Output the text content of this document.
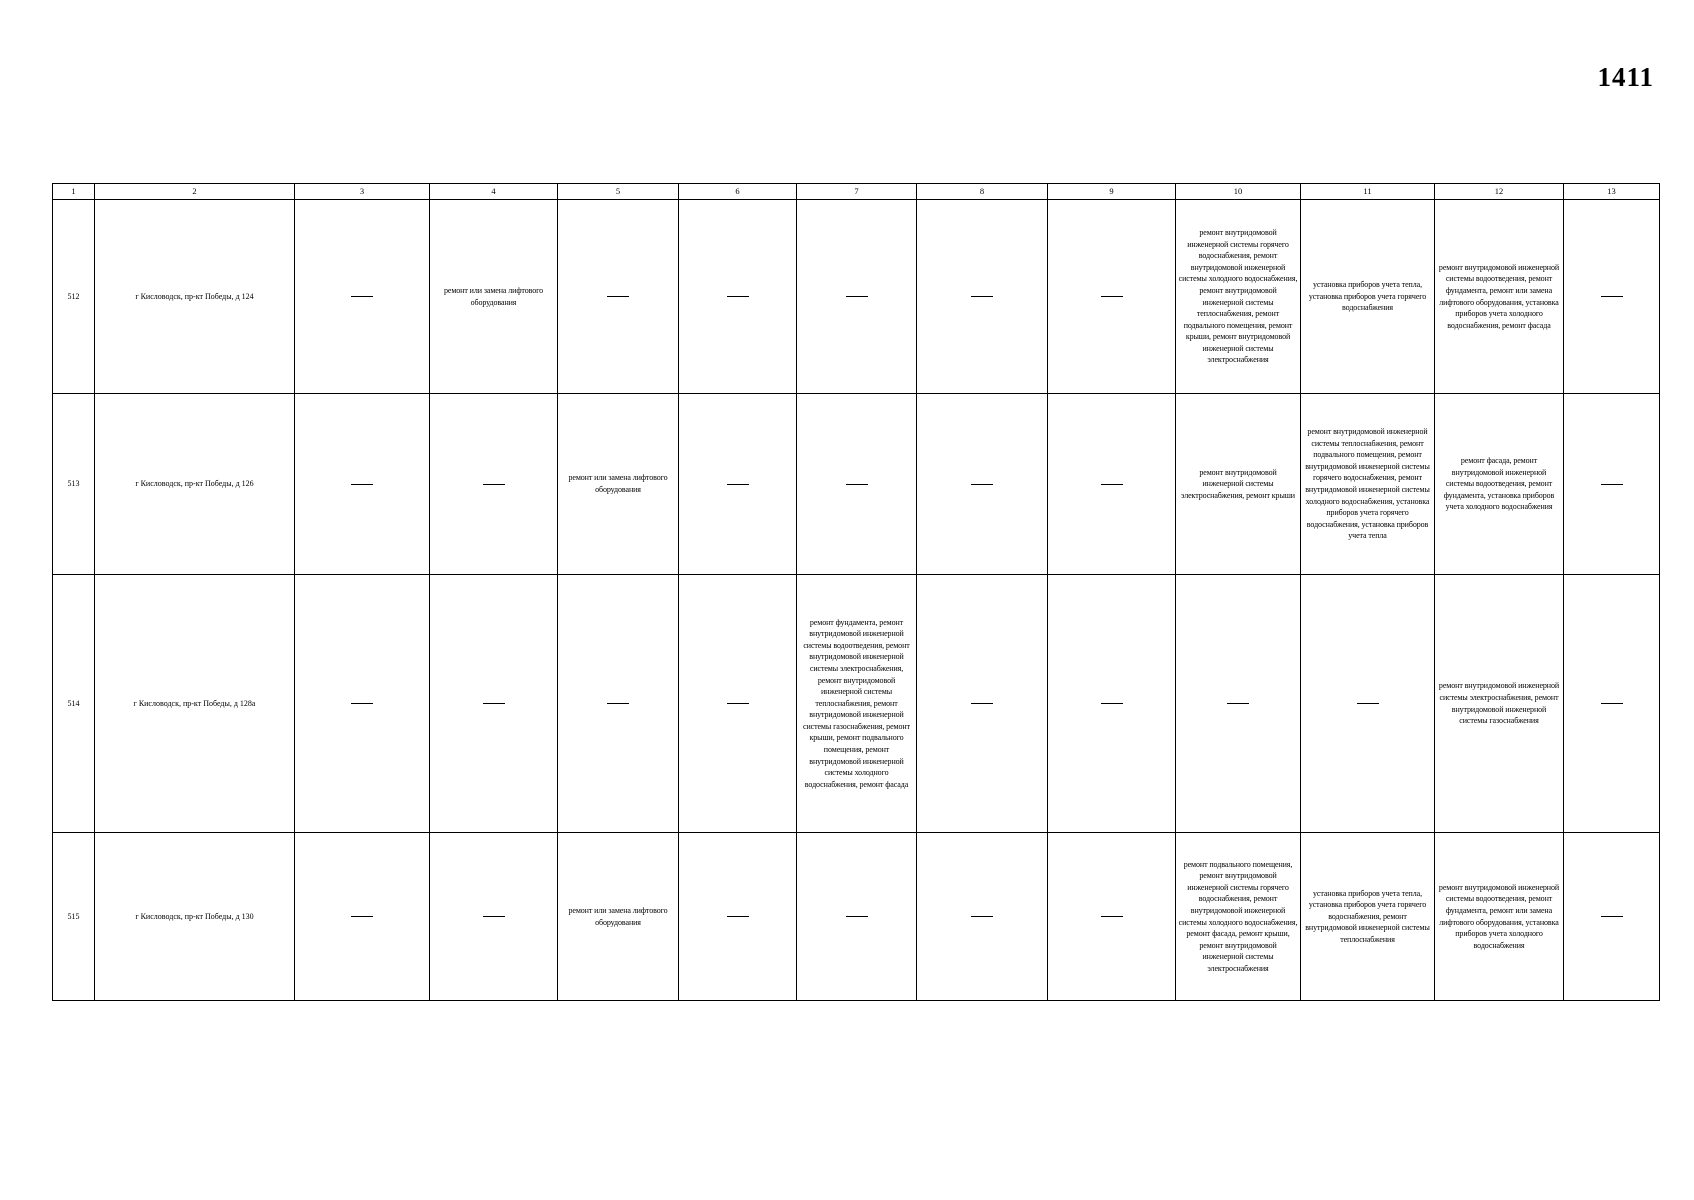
1411
1	2	3	4	5	6	7	8	9	10	11	12	13
512	г Кисловодск, пр-кт Победы, д 124		ремонт или замена лифтового оборудования						ремонт внутридомовой инженерной системы горячего водоснабжения, ремонт внутридомовой инженерной системы холодного водоснабжения, ремонт внутридомовой инженерной системы теплоснабжения, ремонт подвального помещения, ремонт крыши, ремонт внутридомовой инженерной системы электроснабжения	установка приборов учета тепла, установка приборов учета горячего водоснабжения	ремонт внутридомовой инженерной системы водоотведения, ремонт фундамента, ремонт или замена лифтового оборудования, установка приборов учета холодного водоснабжения, ремонт фасада	
513	г Кисловодск, пр-кт Победы, д 126			ремонт или замена лифтового оборудования					ремонт внутридомовой инженерной системы электроснабжения, ремонт крыши	ремонт внутридомовой инженерной системы теплоснабжения, ремонт подвального помещения, ремонт внутридомовой инженерной системы горячего водоснабжения, ремонт внутридомовой инженерной системы холодного водоснабжения, установка приборов учета горячего водоснабжения, установка приборов учета тепла	ремонт фасада, ремонт внутридомовой инженерной системы водоотведения, ремонт фундамента, установка приборов учета холодного водоснабжения	
514	г Кисловодск, пр-кт Победы, д 128а					ремонт фундамента, ремонт внутридомовой инженерной системы водоотведения, ремонт внутридомовой инженерной системы электроснабжения, ремонт внутридомовой инженерной системы теплоснабжения, ремонт внутридомовой инженерной системы газоснабжения, ремонт крыши, ремонт подвального помещения, ремонт внутридомовой инженерной системы холодного водоснабжения, ремонт фасада					ремонт внутридомовой инженерной системы электроснабжения, ремонт внутридомовой инженерной системы газоснабжения	
515	г Кисловодск, пр-кт Победы, д 130			ремонт или замена лифтового оборудования					ремонт подвального помещения, ремонт внутридомовой инженерной системы горячего водоснабжения, ремонт внутридомовой инженерной системы холодного водоснабжения, ремонт фасада, ремонт крыши, ремонт внутридомовой инженерной системы электроснабжения	установка приборов учета тепла, установка приборов учета горячего водоснабжения, ремонт внутридомовой инженерной системы теплоснабжения	ремонт внутридомовой инженерной системы водоотведения, ремонт фундамента, ремонт или замена лифтового оборудования, установка приборов учета холодного водоснабжения	
